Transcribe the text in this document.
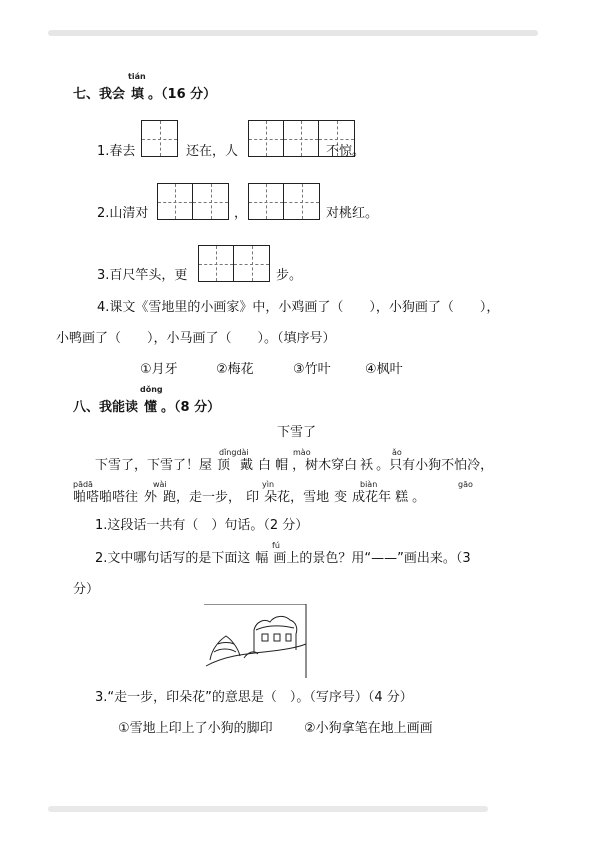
七、我会
tián
填 。（16 分）
1.春去	还在，人	不惊。
2.山清对	，	对桃红。
3.百尺竿头，更	步。
4.课文《雪地里的小画家》中，小鸡画了（　　），小狗画了（　　），
小鸭画了（　　），小马画了（　　）。（填序号）
①月牙	②梅花	③竹叶	④枫叶
八、我能读
dǒng
懂 。（8 分）
下雪了
dǐngdài	mào	ǎo
下雪了，下雪了！屋 顶 戴 白 帽 ，树木穿白 袄 。只有小狗不怕冷，
pādā	wài	yìn	biàn	gāo
啪嗒啪嗒往 外 跑，走一步， 印 朵花，雪地 变 成花年 糕 。
1.这段话一共有（　）句话。（2 分）
fú
2.文中哪句话写的是下面这 幅 画上的景色？用“——”画出来。（3
分）
3.“走一步，印朵花”的意思是（　）。（写序号）（4 分）
①雪地上印上了小狗的脚印 ②小狗拿笔在地上画画
